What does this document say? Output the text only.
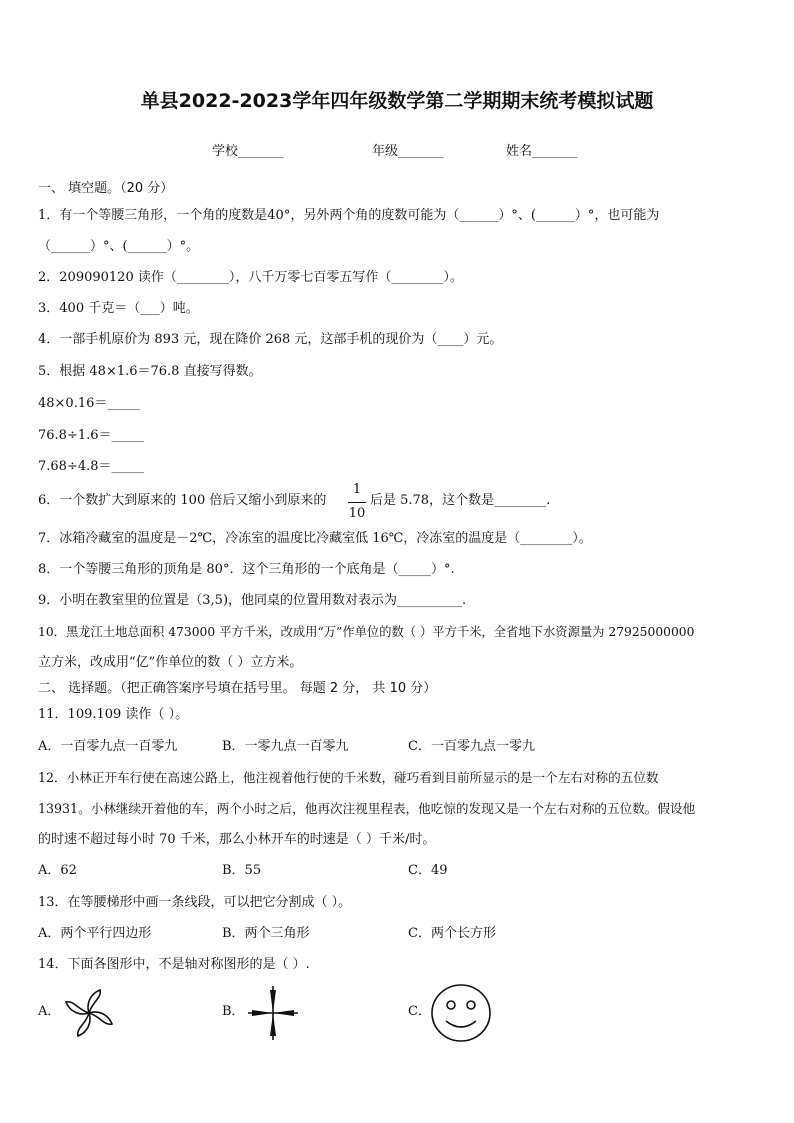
单县2022-2023学年四年级数学第二学期期末统考模拟试题
学校_______	年级_______	姓名_______
一、 填空题。（20 分）
1．有一个等腰三角形，一个角的度数是40°，另外两个角的度数可能为（______）°、(______）°，也可能为
（______）°、(______）°。
2．209090120 读作（________），八千万零七百零五写作（________）。
3．400 千克＝（___）吨。
4．一部手机原价为 893 元，现在降价 268 元，这部手机的现价为（____）元。
5．根据 48×1.6＝76.8 直接写得数。
48×0.16＝_____
76.8÷1.6＝_____
7.68÷4.8＝_____
6．一个数扩大到原来的 100 倍后又缩小到原来的
1
10
后是 5.78，这个数是________.
7．冰箱冷藏室的温度是－2℃，冷冻室的温度比冷藏室低 16℃，冷冻室的温度是（________）。
8．一个等腰三角形的顶角是 80°．这个三角形的一个底角是（_____）°.
9．小明在教室里的位置是（3,5)，他同桌的位置用数对表示为__________.
10．黑龙江土地总面积 473000 平方千米，改成用“万”作单位的数（ ）平方千米，全省地下水资源量为 27925000000
立方米，改成用“亿”作单位的数（ ）立方米。
二、 选择题。（把正确答案序号填在括号里。 每题 2 分， 共 10 分）
11．109.109 读作（ ）。
A．一百零九点一百零九	B．一零九点一百零九	C．一百零九点一零九
12．小林正开车行使在高速公路上，他注视着他行使的千米数，碰巧看到目前所显示的是一个左右对称的五位数
13931。小林继续开着他的车，两个小时之后，他再次注视里程表，他吃惊的发现又是一个左右对称的五位数。假设他
的时速不超过每小时 70 千米，那么小林开车的时速是（ ）千米/时。
A．62	B．55	C．49
13．在等腰梯形中画一条线段，可以把它分割成（ ）。
A．两个平行四边形	B．两个三角形	C．两个长方形
14．下面各图形中，不是轴对称图形的是（ ）.
A．	B．	C．
